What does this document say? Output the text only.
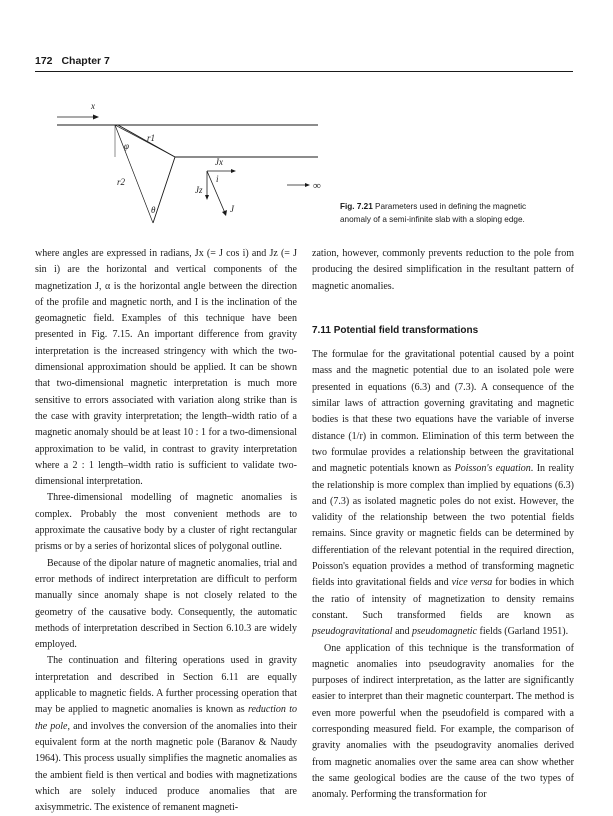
172 Chapter 7
x
φ
r1
r2
θ
Jx
Jz
i
J
∞
Fig. 7.21 Parameters used in defining the magnetic
anomaly of a semi-infinite slab with a sloping edge.

where angles are expressed in radians, Jx (= J cos i) and Jz (= J sin i) are the horizontal and vertical components of the magnetization J, α is the horizontal angle between the direction of the profile and magnetic north, and I is the inclination of the geomagnetic field. Examples of this technique have been presented in Fig. 7.15. An important difference from gravity interpretation is the increased stringency with which the two-dimensional approximation should be applied. It can be shown that two-dimensional magnetic interpretation is much more sensitive to errors associated with variation along strike than is the case with gravity interpretation; the length–width ratio of a magnetic anomaly should be at least 10 : 1 for a two-dimensional approximation to be valid, in contrast to gravity interpretation where a 2 : 1 length–width ratio is sufficient to validate two-dimensional interpretation.

Three-dimensional modelling of magnetic anomalies is complex. Probably the most convenient methods are to approximate the causative body by a cluster of right rectangular prisms or by a series of horizontal slices of polygonal outline.

Because of the dipolar nature of magnetic anomalies, trial and error methods of indirect interpretation are difficult to perform manually since anomaly shape is not closely related to the geometry of the causative body. Consequently, the automatic methods of interpretation described in Section 6.10.3 are widely employed.

The continuation and filtering operations used in gravity interpretation and described in Section 6.11 are equally applicable to magnetic fields. A further processing operation that may be applied to magnetic anomalies is known as reduction to the pole, and involves the conversion of the anomalies into their equivalent form at the north magnetic pole (Baranov & Naudy 1964). This process usually simplifies the magnetic anomalies as the ambient field is then vertical and bodies with magnetizations which are solely induced produce anomalies that are axisymmetric. The existence of remanent magneti-

zation, however, commonly prevents reduction to the pole from producing the desired simplification in the resultant pattern of magnetic anomalies.

7.11 Potential field transformations

The formulae for the gravitational potential caused by a point mass and the magnetic potential due to an isolated pole were presented in equations (6.3) and (7.3). A consequence of the similar laws of attraction governing gravitating and magnetic bodies is that these two equations have the variable of inverse distance (1/r) in common. Elimination of this term between the two formulae provides a relationship between the gravitational and magnetic potentials known as Poisson's equation. In reality the relationship is more complex than implied by equations (6.3) and (7.3) as isolated magnetic poles do not exist. However, the validity of the relationship between the two potential fields remains. Since gravity or magnetic fields can be determined by differentiation of the relevant potential in the required direction, Poisson's equation provides a method of transforming magnetic fields into gravitational fields and vice versa for bodies in which the ratio of intensity of magnetization to density remains constant. Such transformed fields are known as pseudogravitational and pseudomagnetic fields (Garland 1951).

One application of this technique is the transformation of magnetic anomalies into pseudogravity anomalies for the purposes of indirect interpretation, as the latter are significantly easier to interpret than their magnetic counterpart. The method is even more powerful when the pseudofield is compared with a corresponding measured field. For example, the comparison of gravity anomalies with the pseudogravity anomalies derived from magnetic anomalies over the same area can show whether the same geological bodies are the cause of the two types of anomaly. Performing the transformation for
